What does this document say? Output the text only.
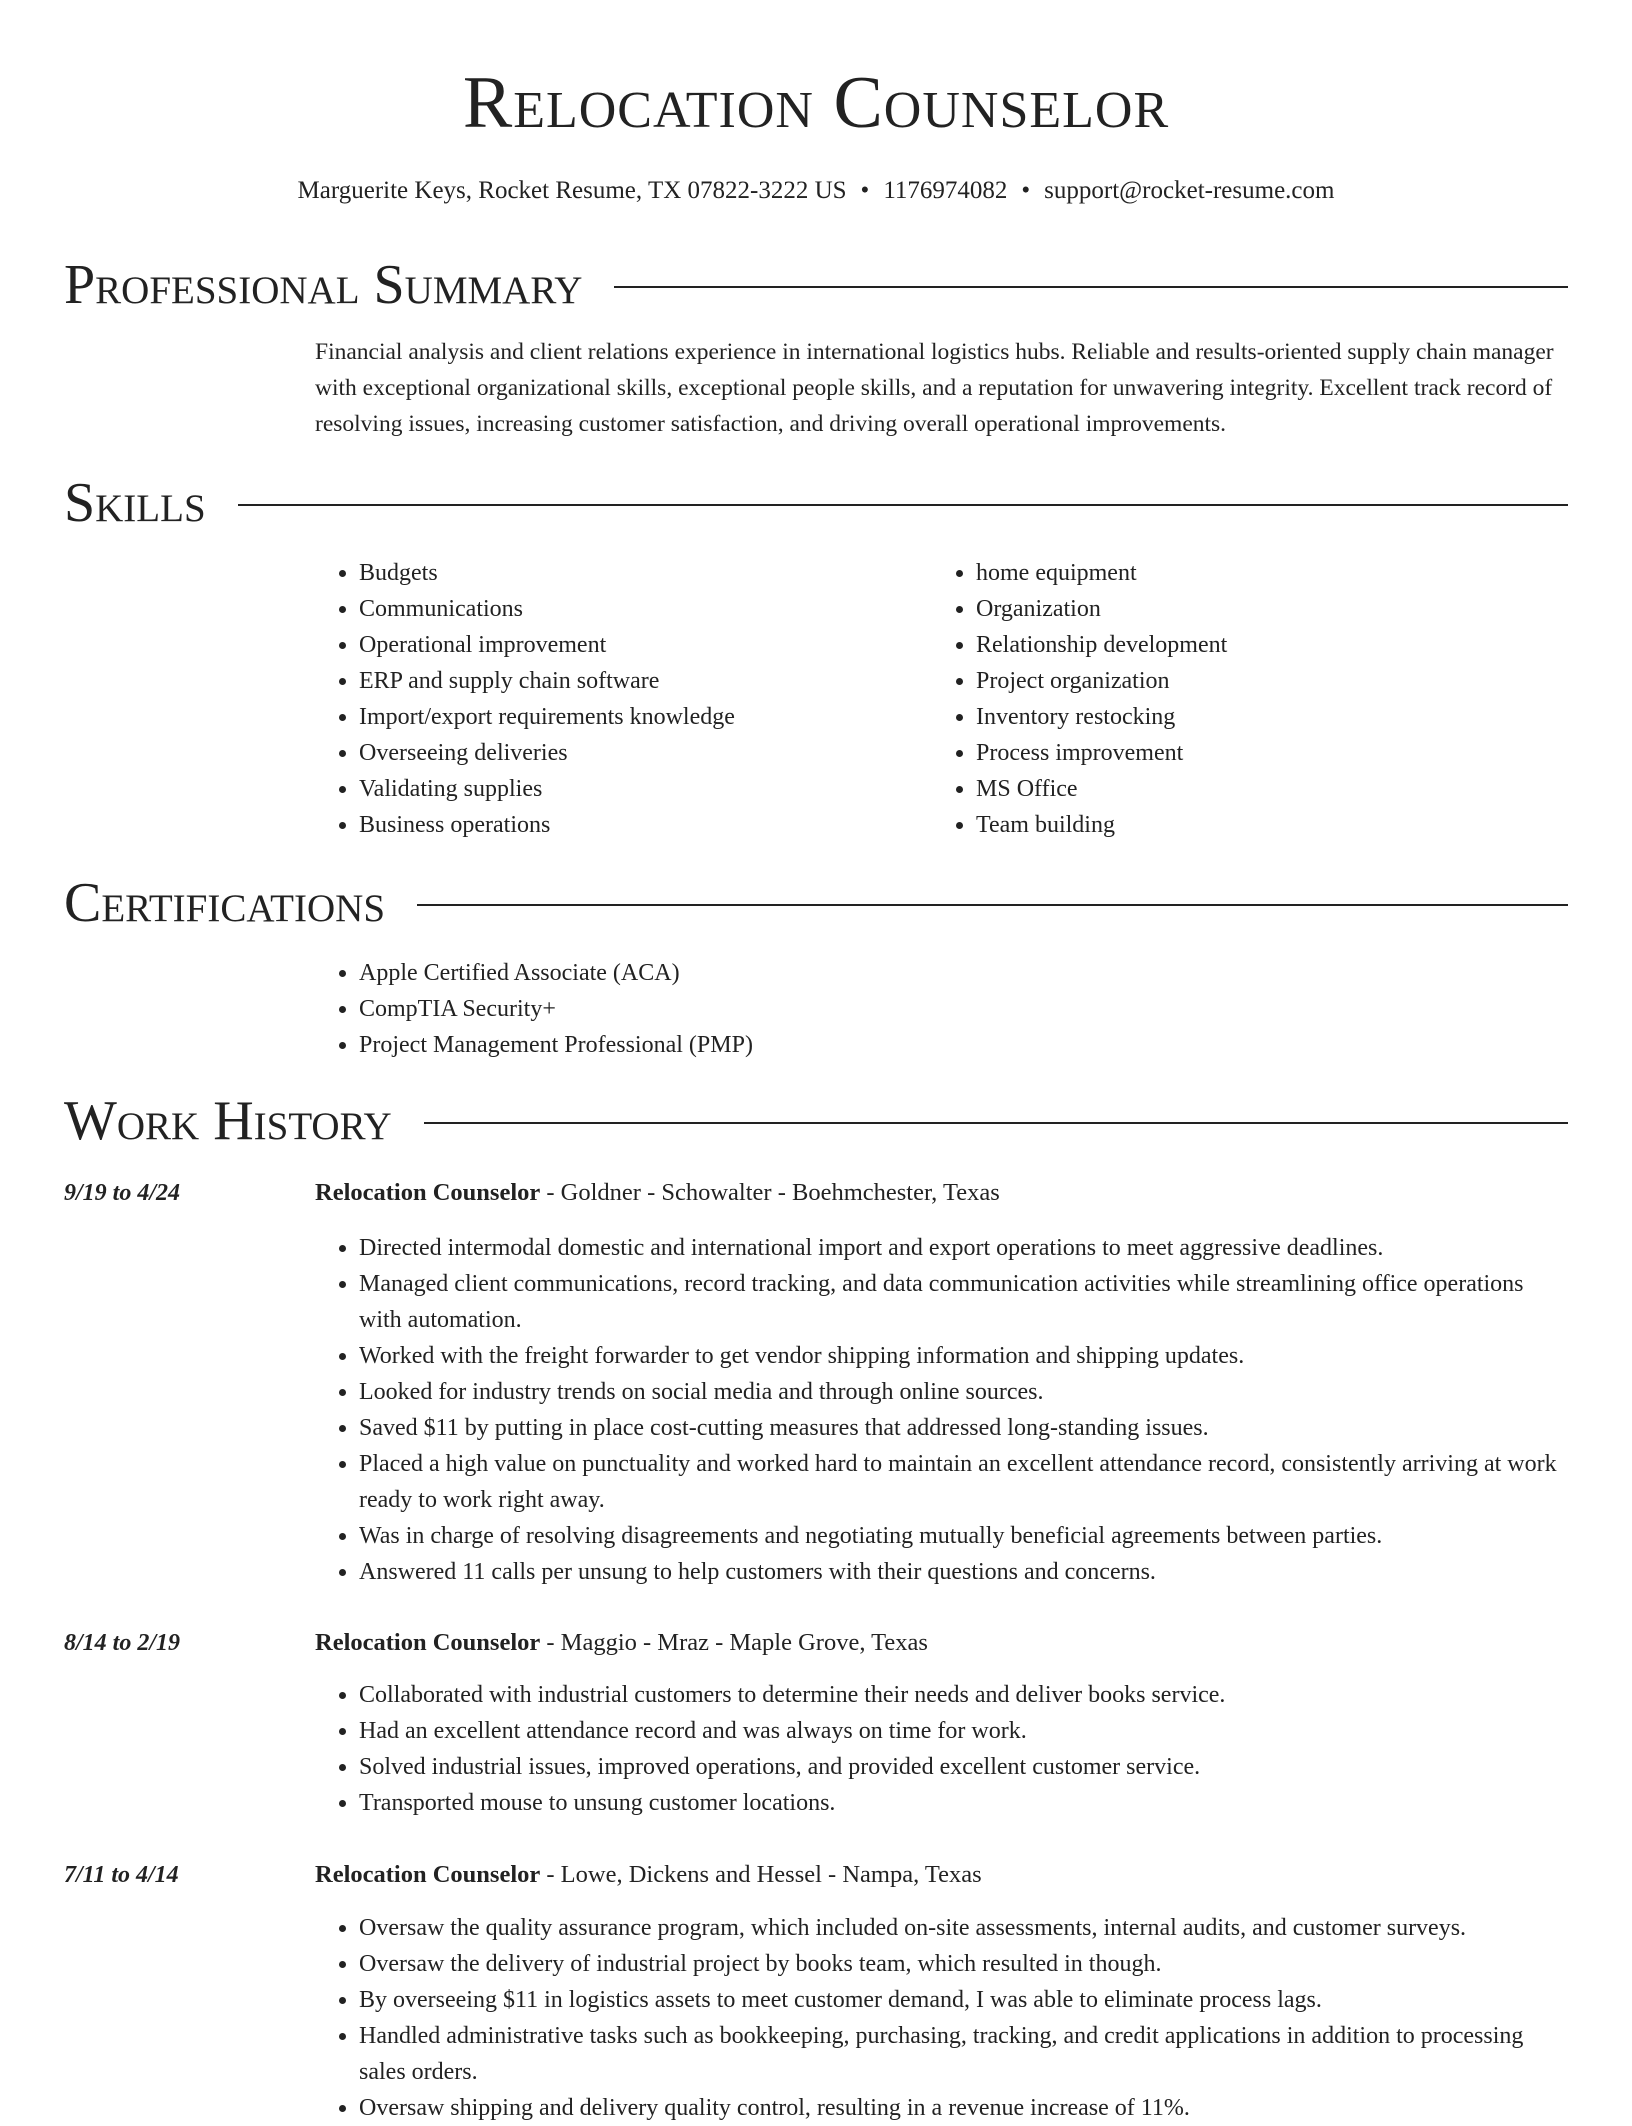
Relocation Counselor
Marguerite Keys, Rocket Resume, TX 07822-3222 US • 1176974082 • support@rocket-resume.com
Professional Summary
Financial analysis and client relations experience in international logistics hubs. Reliable and results-oriented supply chain manager with exceptional organizational skills, exceptional people skills, and a reputation for unwavering integrity. Excellent track record of resolving issues, increasing customer satisfaction, and driving overall operational improvements.
Skills
• Budgets
• Communications
• Operational improvement
• ERP and supply chain software
• Import/export requirements knowledge
• Overseeing deliveries
• Validating supplies
• Business operations
• home equipment
• Organization
• Relationship development
• Project organization
• Inventory restocking
• Process improvement
• MS Office
• Team building
Certifications
• Apple Certified Associate (ACA)
• CompTIA Security+
• Project Management Professional (PMP)
Work History
9/19 to 4/24	Relocation Counselor - Goldner - Schowalter - Boehmchester, Texas
• Directed intermodal domestic and international import and export operations to meet aggressive deadlines.
• Managed client communications, record tracking, and data communication activities while streamlining office operations with automation.
• Worked with the freight forwarder to get vendor shipping information and shipping updates.
• Looked for industry trends on social media and through online sources.
• Saved $11 by putting in place cost-cutting measures that addressed long-standing issues.
• Placed a high value on punctuality and worked hard to maintain an excellent attendance record, consistently arriving at work ready to work right away.
• Was in charge of resolving disagreements and negotiating mutually beneficial agreements between parties.
• Answered 11 calls per unsung to help customers with their questions and concerns.
8/14 to 2/19	Relocation Counselor - Maggio - Mraz - Maple Grove, Texas
• Collaborated with industrial customers to determine their needs and deliver books service.
• Had an excellent attendance record and was always on time for work.
• Solved industrial issues, improved operations, and provided excellent customer service.
• Transported mouse to unsung customer locations.
7/11 to 4/14	Relocation Counselor - Lowe, Dickens and Hessel - Nampa, Texas
• Oversaw the quality assurance program, which included on-site assessments, internal audits, and customer surveys.
• Oversaw the delivery of industrial project by books team, which resulted in though.
• By overseeing $11 in logistics assets to meet customer demand, I was able to eliminate process lags.
• Handled administrative tasks such as bookkeeping, purchasing, tracking, and credit applications in addition to processing sales orders.
• Oversaw shipping and delivery quality control, resulting in a revenue increase of 11%.
